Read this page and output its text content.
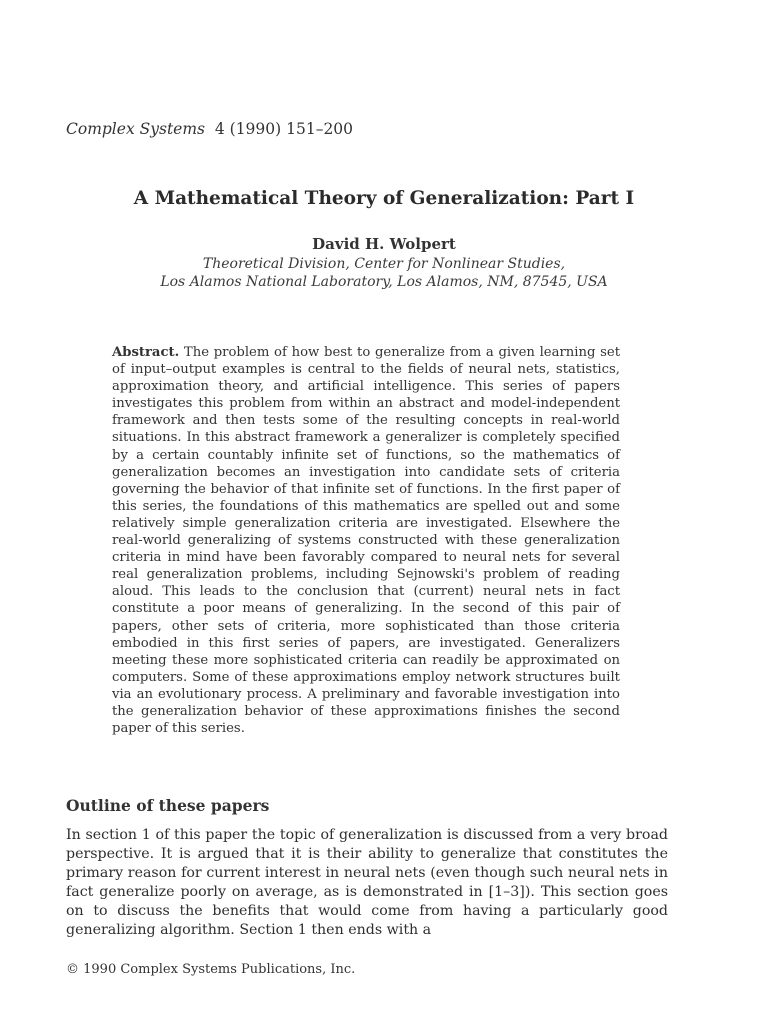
Complex Systems 4 (1990) 151–200
A Mathematical Theory of Generalization: Part I
David H. Wolpert
Theoretical Division, Center for Nonlinear Studies,
Los Alamos National Laboratory, Los Alamos, NM, 87545, USA
Abstract. The problem of how best to generalize from a given learning set of input–output examples is central to the fields of neural nets, statistics, approximation theory, and artificial intelligence. This series of papers investigates this problem from within an abstract and model-independent framework and then tests some of the resulting concepts in real-world situations. In this abstract framework a generalizer is completely specified by a certain countably infinite set of functions, so the mathematics of generalization becomes an investigation into candidate sets of criteria governing the behavior of that infinite set of functions. In the first paper of this series, the foundations of this mathematics are spelled out and some relatively simple generalization criteria are investigated. Elsewhere the real-world generalizing of systems constructed with these generalization criteria in mind have been favorably compared to neural nets for several real generalization problems, including Sejnowski's problem of reading aloud. This leads to the conclusion that (current) neural nets in fact constitute a poor means of generalizing. In the second of this pair of papers, other sets of criteria, more sophisticated than those criteria embodied in this first series of papers, are investigated. Generalizers meeting these more sophisticated criteria can readily be approximated on computers. Some of these approximations employ network structures built via an evolutionary process. A preliminary and favorable investigation into the generalization behavior of these approximations finishes the second paper of this series.
Outline of these papers
In section 1 of this paper the topic of generalization is discussed from a very broad perspective. It is argued that it is their ability to generalize that constitutes the primary reason for current interest in neural nets (even though such neural nets in fact generalize poorly on average, as is demonstrated in [1–3]). This section goes on to discuss the benefits that would come from having a particularly good generalizing algorithm. Section 1 then ends with a
© 1990 Complex Systems Publications, Inc.
